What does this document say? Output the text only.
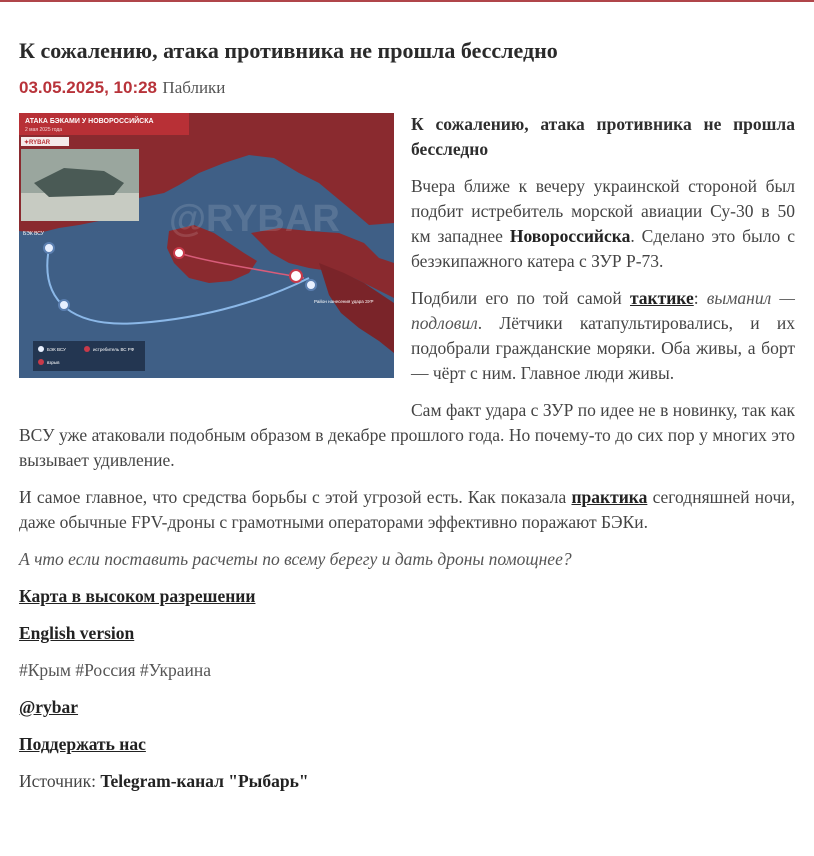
К сожалению, атака противника не прошла бесследно
03.05.2025, 10:28 Паблики
АТАКА БЭКАМИ У НОВОРОССИЙСКА
2 мая 2025 года
✦RYBAR
БЭК ВСУ
Район нанесения удара ЗУР
@RYBAR
БЭК ВСУ	истребитель ВС РФ
взрыв

К сожалению, атака противника не прошла бесследно

Вчера ближе к вечеру украинской стороной был подбит истребитель морской авиации Су-30 в 50 км западнее Новороссийска. Сделано это было с безэкипажного катера с ЗУР Р-73.

Подбили его по той самой тактике: выманил — подловил. Лётчики катапультировались, и их подобрали гражданские моряки. Оба живы, а борт — чёрт с ним. Главное люди живы.

Сам факт удара с ЗУР по идее не в новинку, так как ВСУ уже атаковали подобным образом в декабре прошлого года. Но почему-то до сих пор у многих это вызывает удивление.

И самое главное, что средства борьбы с этой угрозой есть. Как показала практика сегодняшней ночи, даже обычные FPV-дроны с грамотными операторами эффективно поражают БЭКи.

А что если поставить расчеты по всему берегу и дать дроны помощнее?

Карта в высоком разрешении

English version

#Крым #Россия #Украина

@rybar

Поддержать нас

Источник: Telegram-канал "Рыбарь"
